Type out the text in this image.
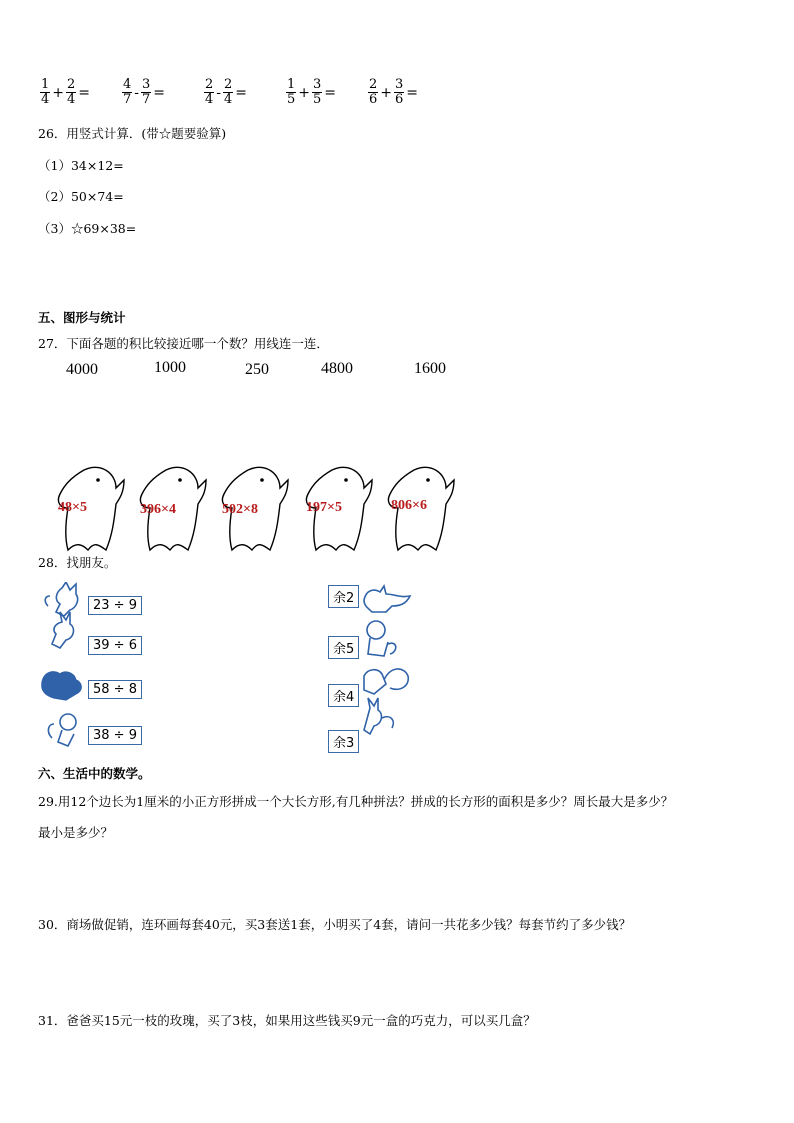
$\frac{1}{4} + \frac{2}{4} = \frac{4}{7} - \frac{3}{7}$ =	$\frac{2}{4} - \frac{2}{4}$ =	$\frac{1}{5} + \frac{3}{5} = \frac{2}{6} + \frac{3}{6}$ =
26．用竖式计算．(带☆题要验算)
（1）34×12=
（2）50×74=
（3）☆69×38=
五、图形与统计
27．下面各题的积比较接近哪一个数？用线连一连．
4000	1000	250	4800	1600
48×5	396×4	502×8	197×5	806×6
28．找朋友。
23 ÷ 9
39 ÷ 6
58 ÷ 8
38 ÷ 9
余2
余5
余4
余3
六、生活中的数学。
29.用12个边长为1厘米的小正方形拼成一个大长方形,有几种拼法？拼成的长方形的面积是多少？周长最大是多少？
最小是多少？
30．商场做促销，连环画每套40元，买3套送1套，小明买了4套，请问一共花多少钱？每套节约了多少钱？
31．爸爸买15元一枝的玫瑰，买了3枝，如果用这些钱买9元一盒的巧克力，可以买几盒？
